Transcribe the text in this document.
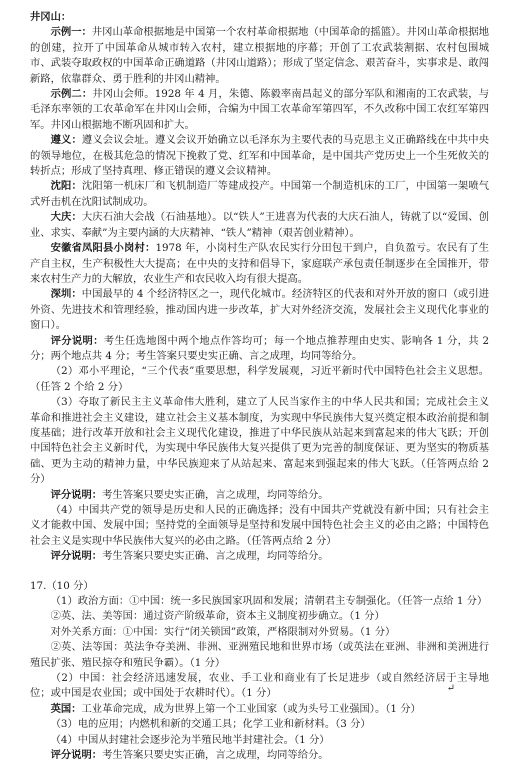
井冈山：

示例一：井冈山革命根据地是中国第一个农村革命根据地（中国革命的摇篮）。井冈山革命根据地的创建，拉开了中国革命从城市转入农村，建立根据地的序幕；开创了工农武装割据、农村包围城市、武装夺取政权的中国革命正确道路（井冈山道路）；形成了坚定信念、艰苦奋斗，实事求是、敢闯新路，依靠群众、勇于胜利的井冈山精神。

示例二：井冈山会师。1928 年 4 月，朱德、陈毅率南昌起义的部分军队和湘南的工农武装，与毛泽东率领的工农革命军在井冈山会师，合编为中国工农革命军第四军，不久改称中国工农红军第四军。井冈山根据地不断巩固和扩大。

遵义：遵义会议会址。遵义会议开始确立以毛泽东为主要代表的马克思主义正确路线在中共中央的领导地位，在极其危急的情况下挽救了党、红军和中国革命，是中国共产党历史上一个生死攸关的转折点；形成了坚持真理、修正错误的遵义会议精神。

沈阳：沈阳第一机床厂和飞机制造厂等建成投产。中国第一个制造机床的工厂，中国第一架喷气式歼击机在沈阳试制成功。

大庆：大庆石油大会战（石油基地）。以“铁人”王进喜为代表的大庆石油人，铸就了以“爱国、创业、求实、奉献”为主要内涵的大庆精神、“铁人”精神（艰苦创业精神）。

安徽省凤阳县小岗村：1978 年，小岗村生产队农民实行分田包干到户，自负盈亏。农民有了生产自主权，生产积极性大大提高；在中央的支持和倡导下，家庭联产承包责任制逐步在全国推开，带来农村生产力的大解放，农业生产和农民收入均有很大提高。

深圳：中国最早的 4 个经济特区之一，现代化城市。经济特区的代表和对外开放的窗口（或引进外资、先进技术和管理经验，推动国内进一步改革，扩大对外经济交流，发展社会主义现代化事业的窗口）。

评分说明：考生任选地图中两个地点作答均可；每一个地点推荐理由史实、影响各 1 分，共 2 分；两个地点共 4 分；考生答案只要史实正确、言之成理，均同等给分。

（2）邓小平理论，“三个代表”重要思想，科学发展观，习近平新时代中国特色社会主义思想。（任答 2 个给 2 分）

（3）夺取了新民主主义革命伟大胜利，建立了人民当家作主的中华人民共和国；完成社会主义革命和推进社会主义建设，建立社会主义基本制度，为实现中华民族伟大复兴奠定根本政治前提和制度基础；进行改革开放和社会主义现代化建设，推进了中华民族从站起来到富起来的伟大飞跃；开创中国特色社会主义新时代，为实现中华民族伟大复兴提供了更为完善的制度保证、更为坚实的物质基础、更为主动的精神力量，中华民族迎来了从站起来、富起来到强起来的伟大飞跃。（任答两点给 2 分）

评分说明：考生答案只要史实正确，言之成理，均同等给分。

（4）中国共产党的领导是历史和人民的正确选择；没有中国共产党就没有新中国；只有社会主义才能救中国、发展中国；坚持党的全面领导是坚持和发展中国特色社会主义的必由之路；中国特色社会主义是实现中华民族伟大复兴的必由之路。（任答两点给 2 分）

评分说明：考生答案只要史实正确、言之成理，均同等给分。

17.（10 分）

（1）政治方面：①中国：统一多民族国家巩固和发展；清朝君主专制强化。（任答一点给 1 分）

②英、法、美等国：通过资产阶级革命，资本主义制度初步确立。（1 分）

对外关系方面：①中国：实行“闭关锁国”政策，严格限制对外贸易。（1 分）

②英、法等国：英法争夺美洲、非洲、亚洲殖民地和世界市场（或英法在亚洲、非洲和美洲进行殖民扩张、殖民掠夺和殖民争霸）。（1 分）

（2）中国：社会经济迅速发展，农业、手工业和商业有了长足进步（或自然经济居于主导地位；或中国是农业国；或中国处于农耕时代）。（1 分）

英国：工业革命完成，成为世界上第一个工业国家（或为头号工业强国）。（1 分）

（3）电的应用；内燃机和新的交通工具；化学工业和新材料。（3 分）

（4）中国从封建社会逐步沦为半殖民地半封建社会。（1 分）

评分说明：考生答案只要史实正确，言之成理，均同等给分。

↵
